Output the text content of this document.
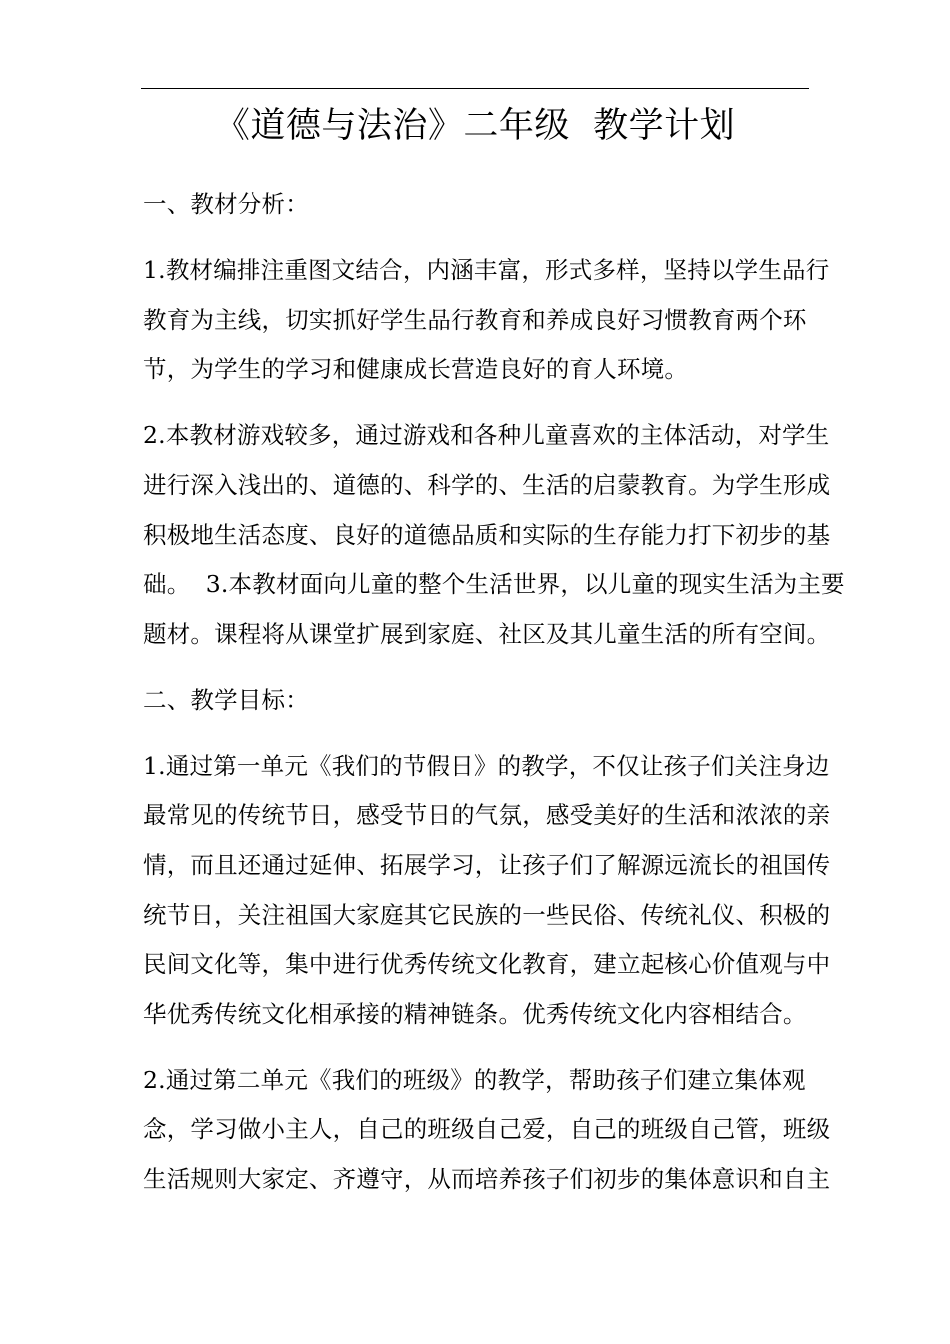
《道德与法治》二年级  教学计划
一、教材分析：
1.教材编排注重图文结合，内涵丰富，形式多样，坚持以学生品行
教育为主线，切实抓好学生品行教育和养成良好习惯教育两个环
节，为学生的学习和健康成长营造良好的育人环境。
2.本教材游戏较多，通过游戏和各种儿童喜欢的主体活动，对学生
进行深入浅出的、道德的、科学的、生活的启蒙教育。为学生形成
积极地生活态度、良好的道德品质和实际的生存能力打下初步的基
础。  3.本教材面向儿童的整个生活世界，以儿童的现实生活为主要
题材。课程将从课堂扩展到家庭、社区及其儿童生活的所有空间。
二、教学目标：
1.通过第一单元《我们的节假日》的教学，不仅让孩子们关注身边
最常见的传统节日，感受节日的气氛，感受美好的生活和浓浓的亲
情，而且还通过延伸、拓展学习，让孩子们了解源远流长的祖国传
统节日，关注祖国大家庭其它民族的一些民俗、传统礼仪、积极的
民间文化等，集中进行优秀传统文化教育，建立起核心价值观与中
华优秀传统文化相承接的精神链条。优秀传统文化内容相结合。
2.通过第二单元《我们的班级》的教学，帮助孩子们建立集体观
念，学习做小主人，自己的班级自己爱，自己的班级自己管，班级
生活规则大家定、齐遵守，从而培养孩子们初步的集体意识和自主
